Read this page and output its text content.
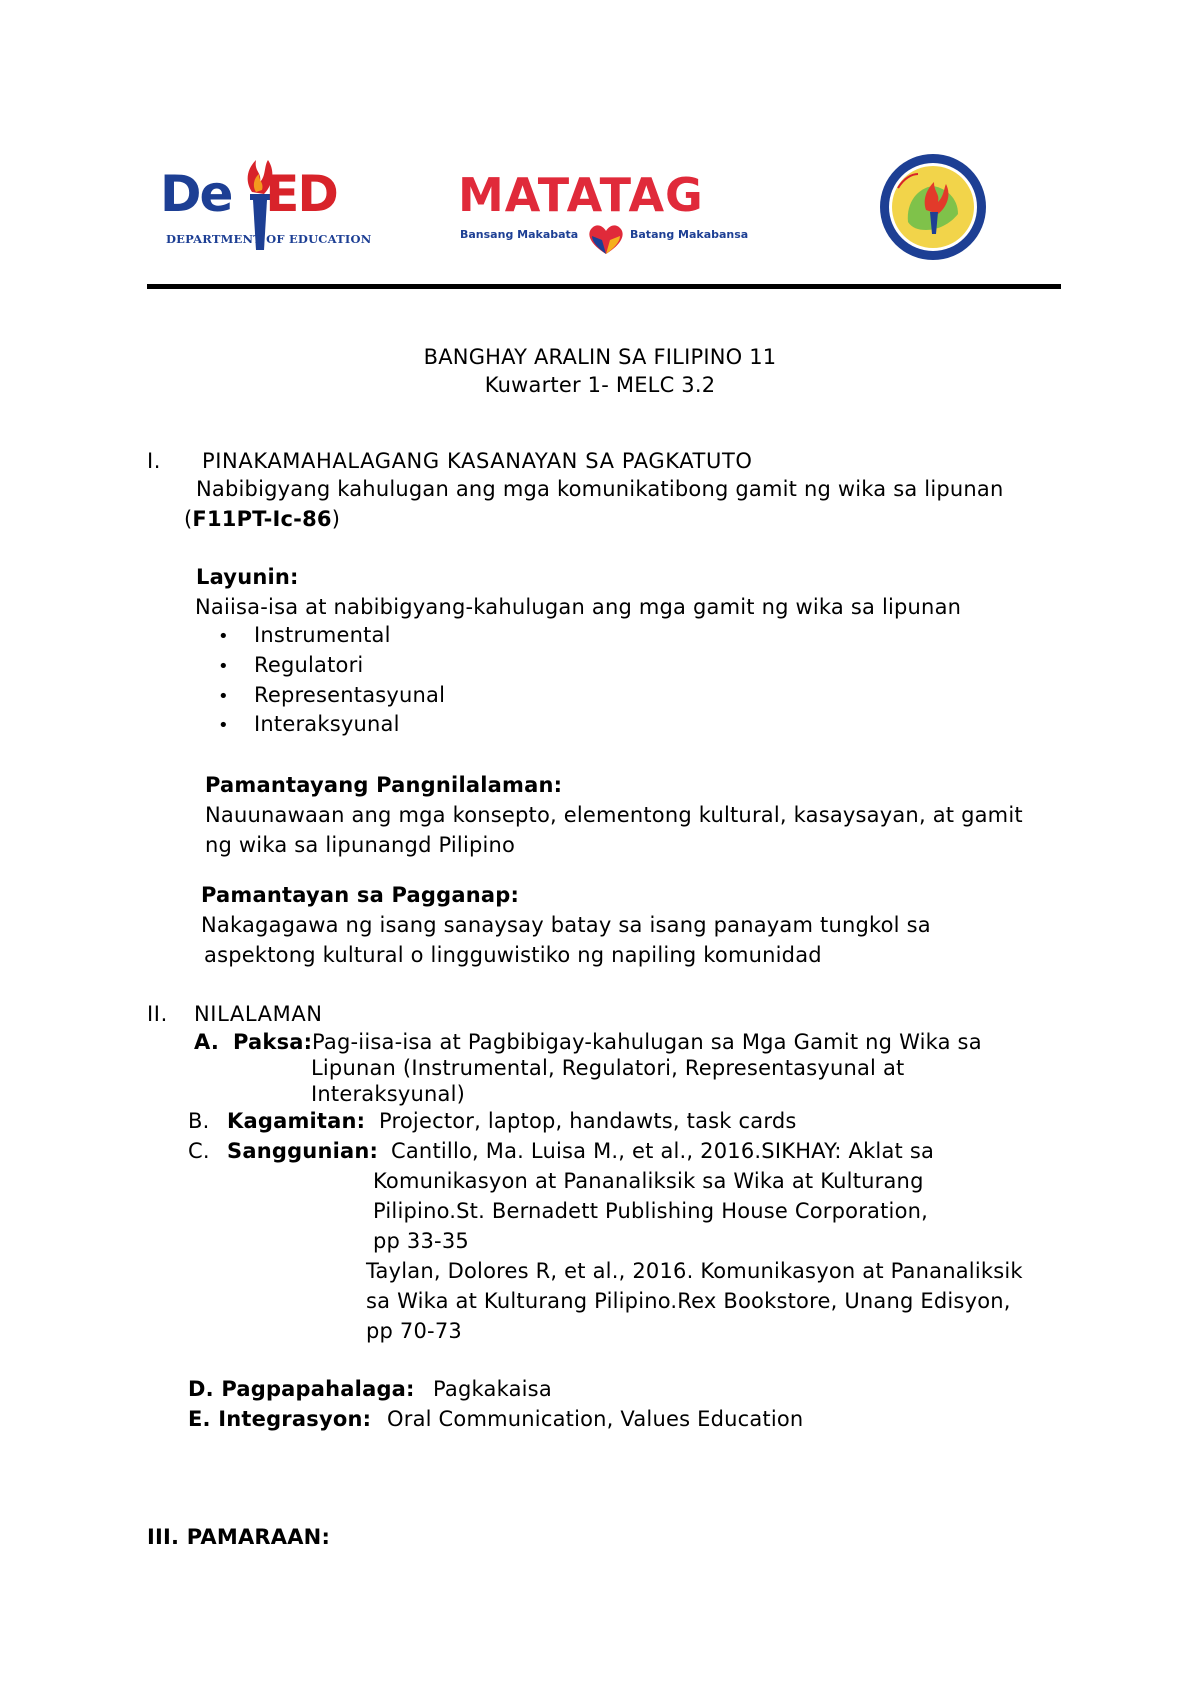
De ED
DEPARTMENT OF EDUCATION
MATATAG
Bansang Makabata	Batang Makabansa
BANGHAY ARALIN SA FILIPINO 11
Kuwarter 1- MELC 3.2
I. PINAKAMAHALAGANG KASANAYAN SA PAGKATUTO
Nabibigyang kahulugan ang mga komunikatibong gamit ng wika sa lipunan
(F11PT-Ic-86)
Layunin:
Naiisa-isa at nabibigyang-kahulugan ang mga gamit ng wika sa lipunan
• Instrumental
• Regulatori
• Representasyunal
• Interaksyunal
Pamantayang Pangnilalaman:
Nauunawaan ang mga konsepto, elementong kultural, kasaysayan, at gamit
ng wika sa lipunangd Pilipino
Pamantayan sa Pagganap:
Nakagagawa ng isang sanaysay batay sa isang panayam tungkol sa
aspektong kultural o lingguwistiko ng napiling komunidad
II. NILALAMAN
A. Paksa: Pag-iisa-isa at Pagbibigay-kahulugan sa Mga Gamit ng Wika sa
Lipunan (Instrumental, Regulatori, Representasyunal at
Interaksyunal)
B. Kagamitan: Projector, laptop, handawts, task cards
C. Sanggunian: Cantillo, Ma. Luisa M., et al., 2016.SIKHAY: Aklat sa
Komunikasyon at Pananaliksik sa Wika at Kulturang
Pilipino.St. Bernadett Publishing House Corporation,
pp 33-35
Taylan, Dolores R, et al., 2016. Komunikasyon at Pananaliksik
sa Wika at Kulturang Pilipino.Rex Bookstore, Unang Edisyon,
pp 70-73
D. Pagpapahalaga: Pagkakaisa
E. Integrasyon: Oral Communication, Values Education
III. PAMARAAN:
